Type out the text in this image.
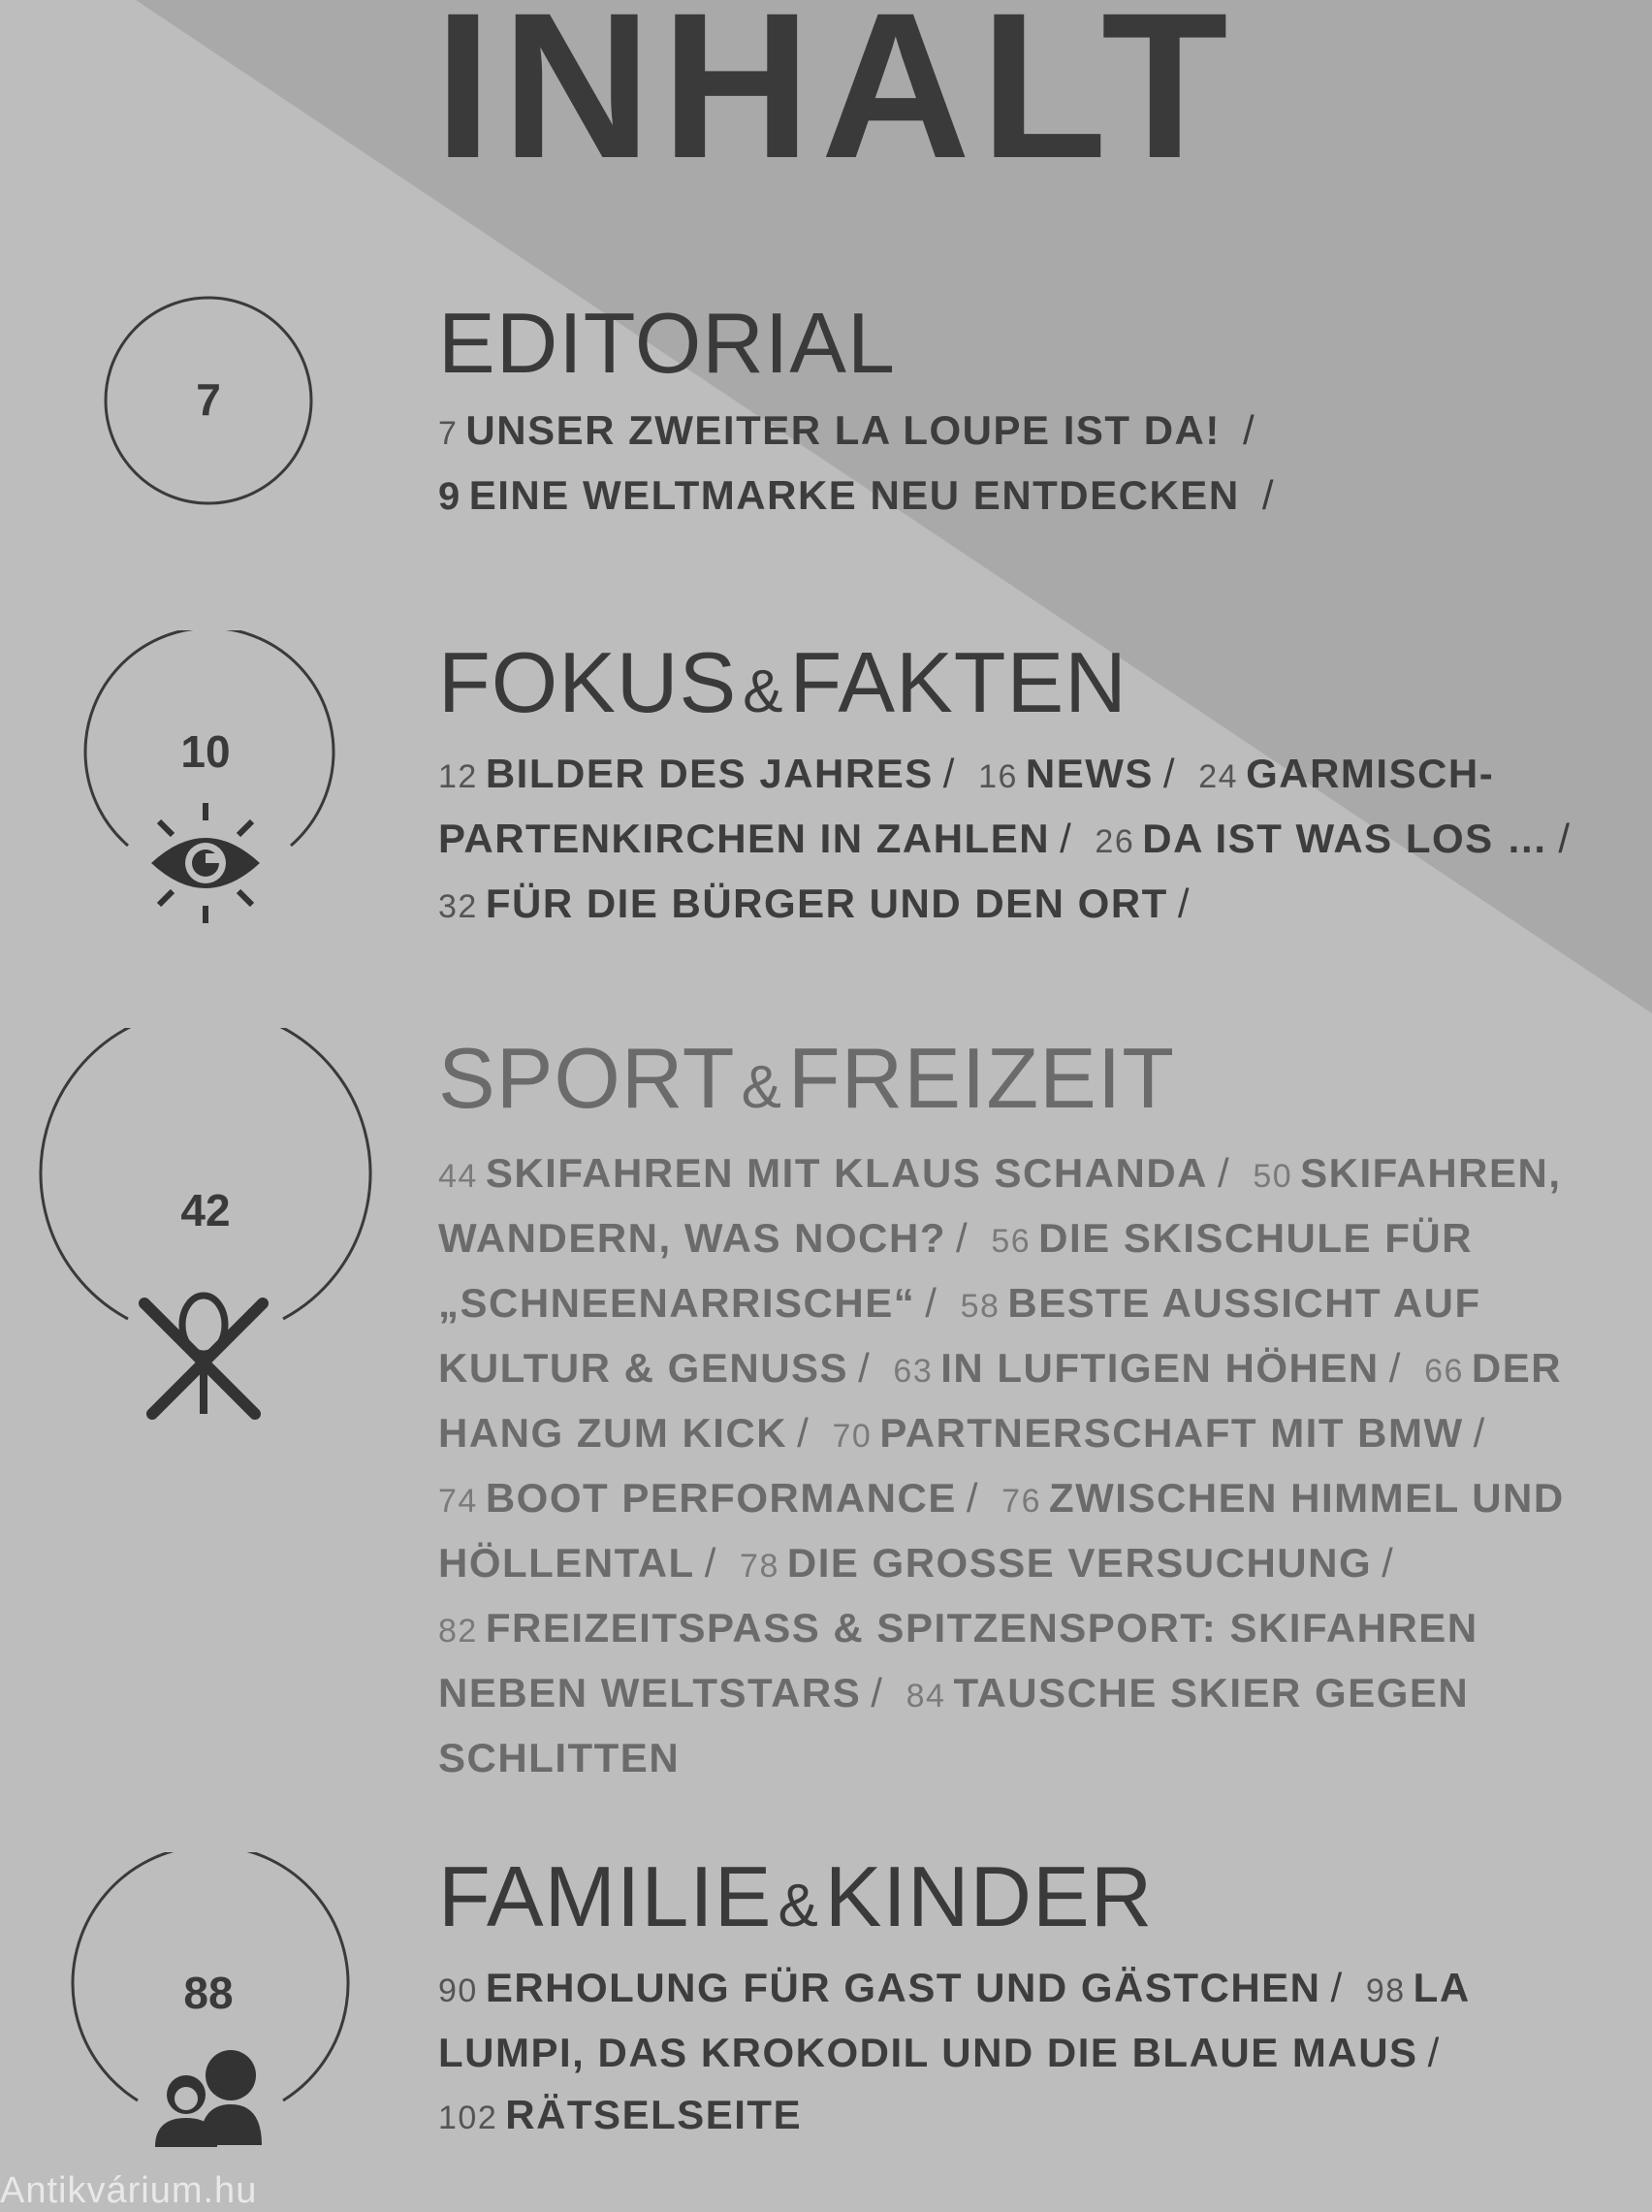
INHALT
7
EDITORIAL
7 UNSER ZWEITER LA LOUPE IST DA! /
9 EINE WELTMARKE NEU ENTDECKEN /
10
FOKUS&FAKTEN
12 BILDER DES JAHRES / 16 NEWS / 24 GARMISCH-PARTENKIRCHEN IN ZAHLEN / 26 DA IST WAS LOS … / 32 FÜR DIE BÜRGER UND DEN ORT /
42
SPORT&FREIZEIT
44 SKIFAHREN MIT KLAUS SCHANDA / 50 SKIFAHREN, WANDERN, WAS NOCH? / 56 DIE SKISCHULE FÜR „SCHNEENARRISCHE“ / 58 BESTE AUSSICHT AUF KULTUR & GENUSS / 63 IN LUFTIGEN HÖHEN / 66 DER HANG ZUM KICK / 70 PARTNERSCHAFT MIT BMW / 74 BOOT PERFORMANCE / 76 ZWISCHEN HIMMEL UND HÖLLENTAL / 78 DIE GROSSE VERSUCHUNG / 82 FREIZEITSPASS & SPITZENSPORT: SKIFAHREN NEBEN WELTSTARS / 84 TAUSCHE SKIER GEGEN SCHLITTEN
88
FAMILIE&KINDER
90 ERHOLUNG FÜR GAST UND GÄSTCHEN / 98 LA LUMPI, DAS KROKODIL UND DIE BLAUE MAUS / 102 RÄTSELSEITE
Antikvárium.hu
